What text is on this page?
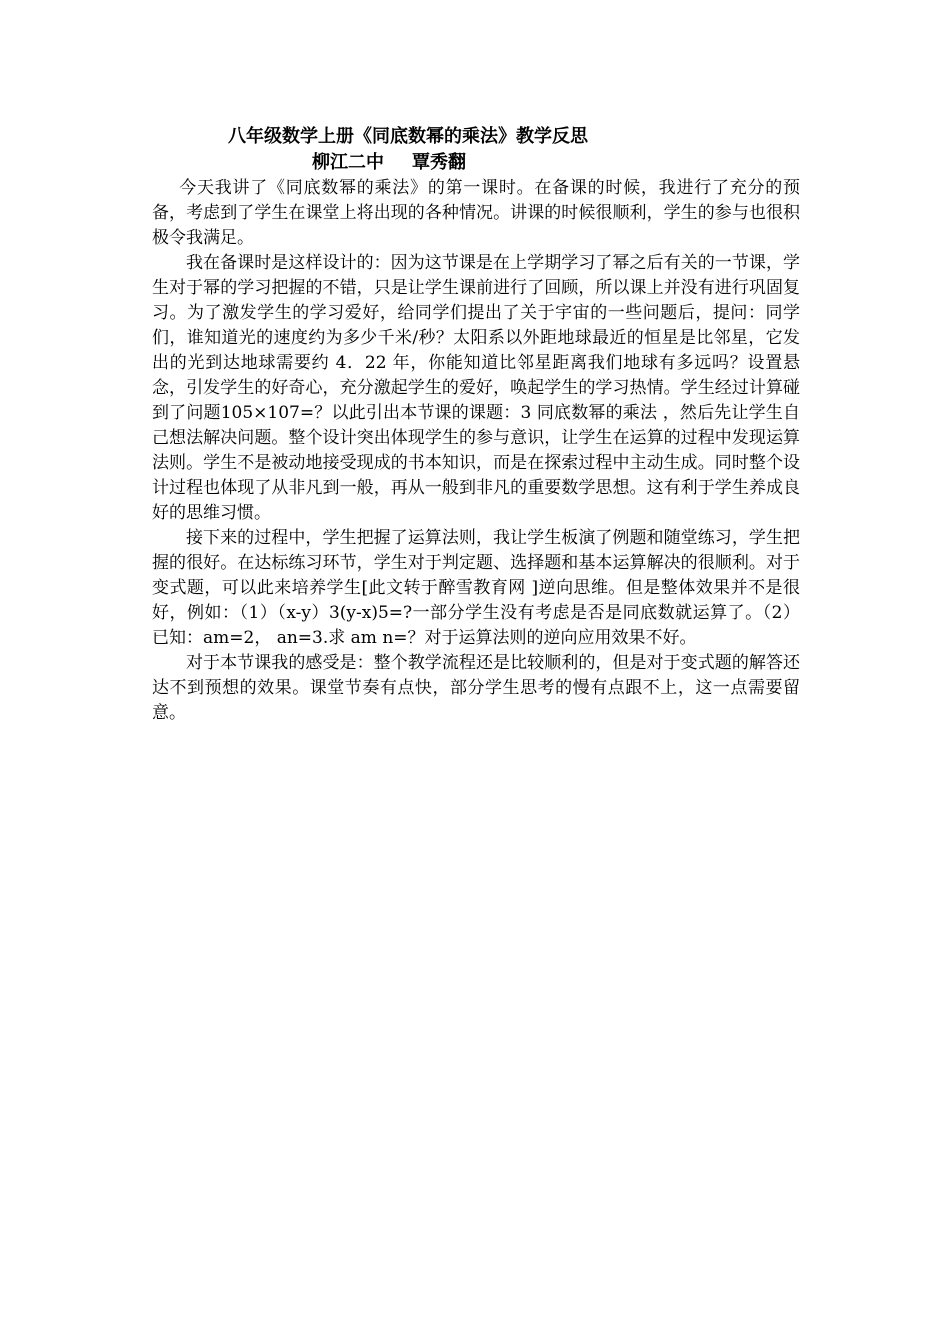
八年级数学上册《同底数幂的乘法》教学反思

柳江二中 覃秀翻

今天我讲了《同底数幂的乘法》的第一课时。在备课的时候，我进行了充分的预备，考虑到了学生在课堂上将出现的各种情况。讲课的时候很顺利，学生的参与也很积极令我满足。

我在备课时是这样设计的：因为这节课是在上学期学习了幂之后有关的一节课，学生对于幂的学习把握的不错，只是让学生课前进行了回顾，所以课上并没有进行巩固复习。为了激发学生的学习爱好，给同学们提出了关于宇宙的一些问题后，提问：同学们，谁知道光的速度约为多少千米/秒？太阳系以外距地球最近的恒星是比邻星，它发出的光到达地球需要约 4．22 年，你能知道比邻星距离我们地球有多远吗？设置悬念，引发学生的好奇心，充分激起学生的爱好，唤起学生的学习热情。学生经过计算碰到了问题105×107=？以此引出本节课的课题：3 同底数幂的乘法 ，然后先让学生自己想法解决问题。整个设计突出体现学生的参与意识，让学生在运算的过程中发现运算法则。学生不是被动地接受现成的书本知识，而是在探索过程中主动生成。同时整个设计过程也体现了从非凡到一般，再从一般到非凡的重要数学思想。这有利于学生养成良好的思维习惯。

接下来的过程中，学生把握了运算法则，我让学生板演了例题和随堂练习，学生把握的很好。在达标练习环节，学生对于判定题、选择题和基本运算解决的很顺利。对于变式题，可以此来培养学生[此文转于醉雪教育网 ]逆向思维。但是整体效果并不是很好，例如：（1）（x-y）3(y-x)5=?一部分学生没有考虑是否是同底数就运算了。（2） 已知：am=2， an=3.求 am n=？对于运算法则的逆向应用效果不好。

对于本节课我的感受是：整个教学流程还是比较顺利的，但是对于变式题的解答还达不到预想的效果。课堂节奏有点快，部分学生思考的慢有点跟不上，这一点需要留意。
